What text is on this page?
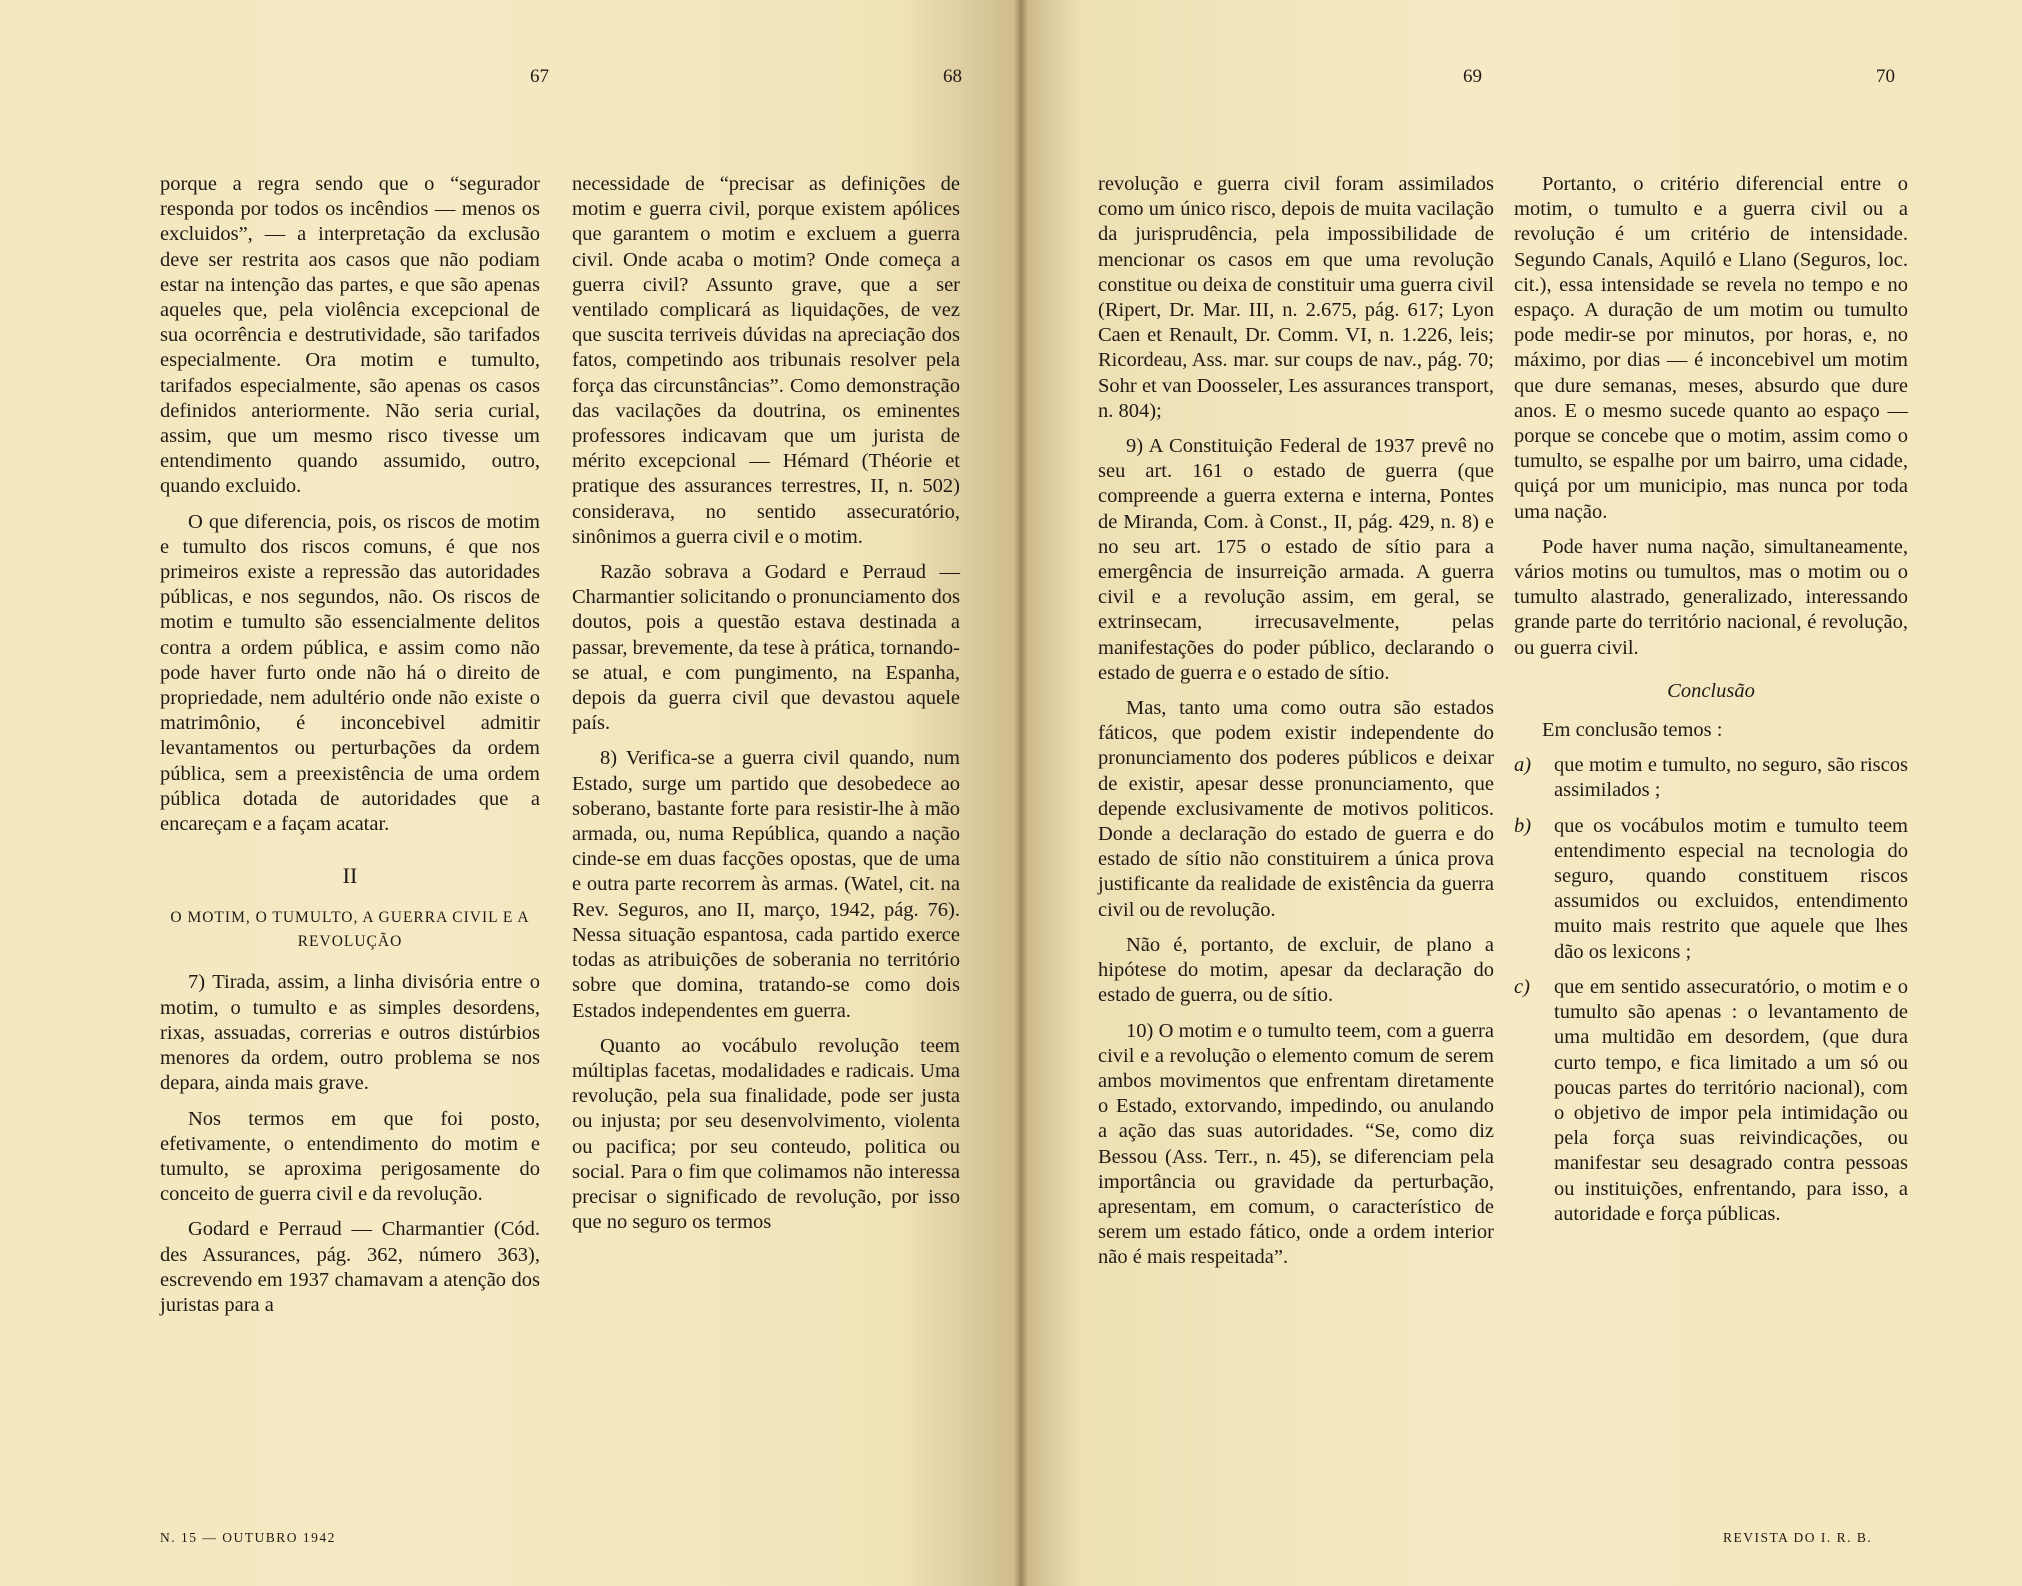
67	68	69	70

porque a regra sendo que o “segurador responda por todos os incêndios — menos os excluidos”, — a interpretação da exclusão deve ser restrita aos casos que não podiam estar na intenção das partes, e que são apenas aqueles que, pela violência excepcional de sua ocorrência e destrutividade, são tarifados especialmente. Ora motim e tumulto, tarifados especialmente, são apenas os casos definidos anteriormente. Não seria curial, assim, que um mesmo risco tivesse um entendimento quando assumido, outro, quando excluido.

O que diferencia, pois, os riscos de motim e tumulto dos riscos comuns, é que nos primeiros existe a repressão das autoridades públicas, e nos segundos, não. Os riscos de motim e tumulto são essencialmente delitos contra a ordem pública, e assim como não pode haver furto onde não há o direito de propriedade, nem adultério onde não existe o matrimônio, é inconcebivel admitir levantamentos ou perturbações da ordem pública, sem a preexistência de uma ordem pública dotada de autoridades que a encareçam e a façam acatar.

II
O MOTIM, O TUMULTO, A GUERRA CIVIL E A REVOLUÇÃO

7) Tirada, assim, a linha divisória entre o motim, o tumulto e as simples desordens, rixas, assuadas, correrias e outros distúrbios menores da ordem, outro problema se nos depara, ainda mais grave.

Nos termos em que foi posto, efetivamente, o entendimento do motim e tumulto, se aproxima perigosamente do conceito de guerra civil e da revolução.

Godard e Perraud — Charmantier (Cód. des Assurances, pág. 362, número 363), escrevendo em 1937 chamavam a atenção dos juristas para a

necessidade de “precisar as definições de motim e guerra civil, porque existem apólices que garantem o motim e excluem a guerra civil. Onde acaba o motim? Onde começa a guerra civil? Assunto grave, que a ser ventilado complicará as liquidações, de vez que suscita terriveis dúvidas na apreciação dos fatos, competindo aos tribunais resolver pela força das circunstâncias”. Como demonstração das vacilações da doutrina, os eminentes professores indicavam que um jurista de mérito excepcional — Hémard (Théorie et pratique des assurances terrestres, II, n. 502) considerava, no sentido assecuratório, sinônimos a guerra civil e o motim.

Razão sobrava a Godard e Perraud — Charmantier solicitando o pronunciamento dos doutos, pois a questão estava destinada a passar, brevemente, da tese à prática, tornando-se atual, e com pungimento, na Espanha, depois da guerra civil que devastou aquele país.

8) Verifica-se a guerra civil quando, num Estado, surge um partido que desobedece ao soberano, bastante forte para resistir-lhe à mão armada, ou, numa República, quando a nação cinde-se em duas facções opostas, que de uma e outra parte recorrem às armas. (Watel, cit. na Rev. Seguros, ano II, março, 1942, pág. 76). Nessa situação espantosa, cada partido exerce todas as atribuições de soberania no território sobre que domina, tratando-se como dois Estados independentes em guerra.

Quanto ao vocábulo revolução teem múltiplas facetas, modalidades e radicais. Uma revolução, pela sua finalidade, pode ser justa ou injusta; por seu desenvolvimento, violenta ou pacifica; por seu conteudo, politica ou social. Para o fim que colimamos não interessa precisar o significado de revolução, por isso que no seguro os termos

revolução e guerra civil foram assimilados como um único risco, depois de muita vacilação da jurisprudência, pela impossibilidade de mencionar os casos em que uma revolução constitue ou deixa de constituir uma guerra civil (Ripert, Dr. Mar. III, n. 2.675, pág. 617; Lyon Caen et Renault, Dr. Comm. VI, n. 1.226, leis; Ricordeau, Ass. mar. sur coups de nav., pág. 70; Sohr et van Doosseler, Les assurances transport, n. 804);

9) A Constituição Federal de 1937 prevê no seu art. 161 o estado de guerra (que compreende a guerra externa e interna, Pontes de Miranda, Com. à Const., II, pág. 429, n. 8) e no seu art. 175 o estado de sítio para a emergência de insurreição armada. A guerra civil e a revolução assim, em geral, se extrinsecam, irrecusavelmente, pelas manifestações do poder público, declarando o estado de guerra e o estado de sítio.

Mas, tanto uma como outra são estados fáticos, que podem existir independente do pronunciamento dos poderes públicos e deixar de existir, apesar desse pronunciamento, que depende exclusivamente de motivos politicos. Donde a declaração do estado de guerra e do estado de sítio não constituirem a única prova justificante da realidade de existência da guerra civil ou de revolução.

Não é, portanto, de excluir, de plano a hipótese do motim, apesar da declaração do estado de guerra, ou de sítio.

10) O motim e o tumulto teem, com a guerra civil e a revolução o elemento comum de serem ambos movimentos que enfrentam diretamente o Estado, extorvando, impedindo, ou anulando a ação das suas autoridades. “Se, como diz Bessou (Ass. Terr., n. 45), se diferenciam pela importância ou gravidade da perturbação, apresentam, em comum, o característico de serem um estado fático, onde a ordem interior não é mais respeitada”.

Portanto, o critério diferencial entre o motim, o tumulto e a guerra civil ou a revolução é um critério de intensidade. Segundo Canals, Aquiló e Llano (Seguros, loc. cit.), essa intensidade se revela no tempo e no espaço. A duração de um motim ou tumulto pode medir-se por minutos, por horas, e, no máximo, por dias — é inconcebivel um motim que dure semanas, meses, absurdo que dure anos. E o mesmo sucede quanto ao espaço — porque se concebe que o motim, assim como o tumulto, se espalhe por um bairro, uma cidade, quiçá por um municipio, mas nunca por toda uma nação.

Pode haver numa nação, simultaneamente, vários motins ou tumultos, mas o motim ou o tumulto alastrado, generalizado, interessando grande parte do território nacional, é revolução, ou guerra civil.

Conclusão

Em conclusão temos :

a) que motim e tumulto, no seguro, são riscos assimilados ;
b) que os vocábulos motim e tumulto teem entendimento especial na tecnologia do seguro, quando constituem riscos assumidos ou excluidos, entendimento muito mais restrito que aquele que lhes dão os lexicons ;
c) que em sentido assecuratório, o motim e o tumulto são apenas : o levantamento de uma multidão em desordem, (que dura curto tempo, e fica limitado a um só ou poucas partes do território nacional), com o objetivo de impor pela intimidação ou pela força suas reivindicações, ou manifestar seu desagrado contra pessoas ou instituições, enfrentando, para isso, a autoridade e força públicas.
N. 15 — OUTUBRO 1942	REVISTA DO I. R. B.
